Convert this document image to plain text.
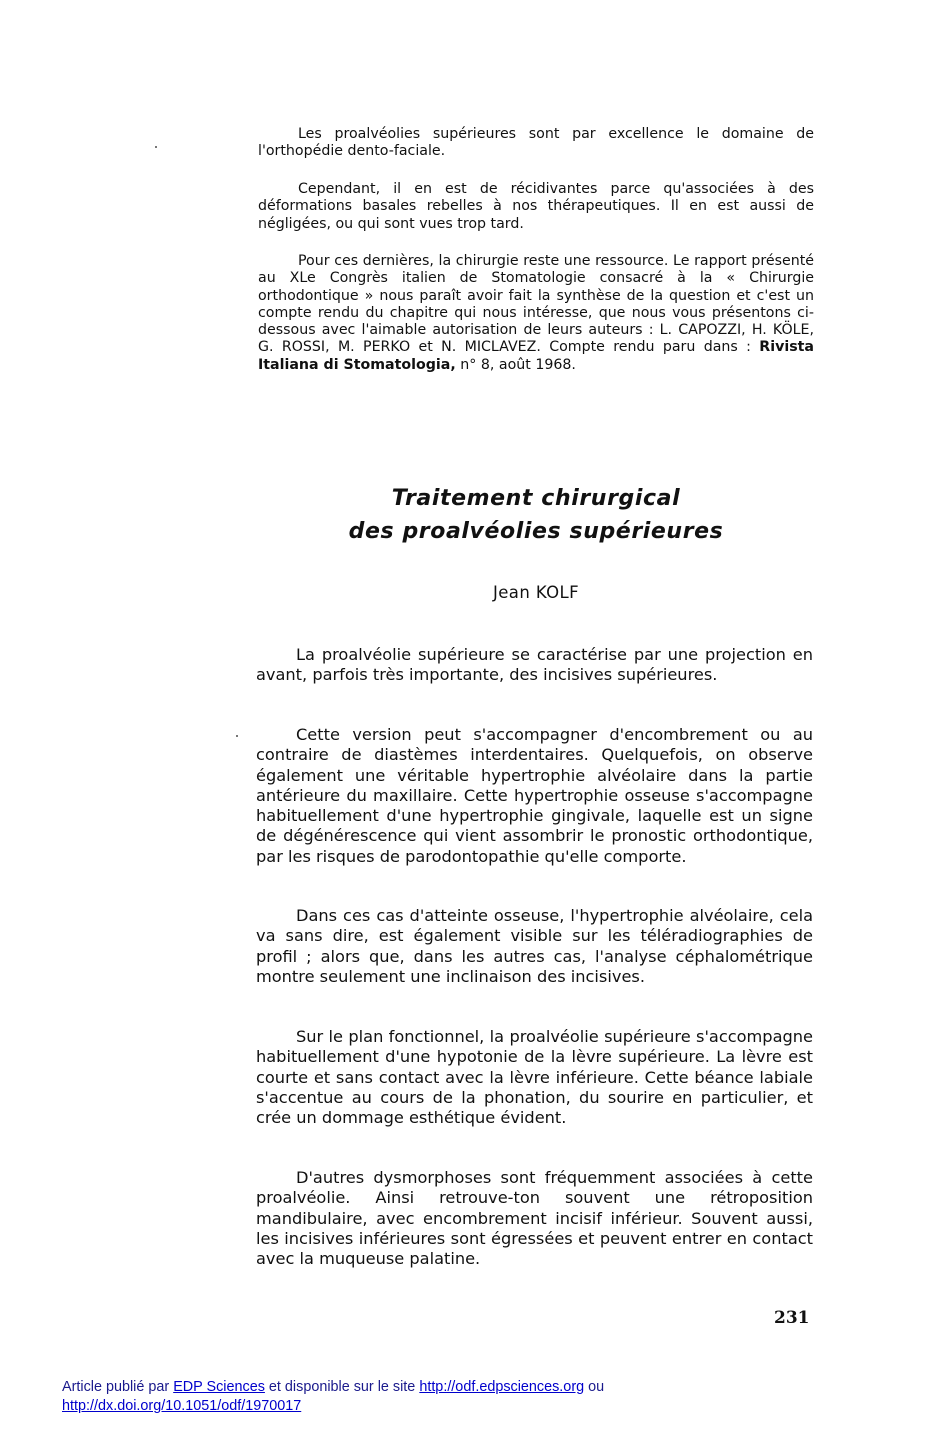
Les proalvéolies supérieures sont par excellence le domaine de l'orthopédie dento-faciale.

Cependant, il en est de récidivantes parce qu'associées à des déformations basales rebelles à nos thérapeutiques. Il en est aussi de négligées, ou qui sont vues trop tard.

Pour ces dernières, la chirurgie reste une ressource. Le rapport présenté au XLe Congrès italien de Stomatologie consacré à la « Chirurgie orthodontique » nous paraît avoir fait la synthèse de la question et c'est un compte rendu du chapitre qui nous intéresse, que nous vous présentons ci-dessous avec l'aimable autorisation de leurs auteurs : L. CAPOZZI, H. KÖLE, G. ROSSI, M. PERKO et N. MICLAVEZ. Compte rendu paru dans : Rivista Italiana di Stomatologia, n° 8, août 1968.

Traitement chirurgical

des proalvéolies supérieures

Jean KOLF

La proalvéolie supérieure se caractérise par une projection en avant, parfois très importante, des incisives supérieures.

Cette version peut s'accompagner d'encombrement ou au contraire de diastèmes interdentaires. Quelquefois, on observe également une véritable hypertrophie alvéolaire dans la partie antérieure du maxillaire. Cette hypertrophie osseuse s'accompagne habituellement d'une hypertrophie gingivale, laquelle est un signe de dégénérescence qui vient assombrir le pronostic orthodontique, par les risques de parodontopathie qu'elle comporte.

Dans ces cas d'atteinte osseuse, l'hypertrophie alvéolaire, cela va sans dire, est également visible sur les téléradiographies de profil ; alors que, dans les autres cas, l'analyse céphalométrique montre seulement une inclinaison des incisives.

Sur le plan fonctionnel, la proalvéolie supérieure s'accompagne habituellement d'une hypotonie de la lèvre supérieure. La lèvre est courte et sans contact avec la lèvre inférieure. Cette béance labiale s'accentue au cours de la phonation, du sourire en particulier, et crée un dommage esthétique évident.

D'autres dysmorphoses sont fréquemment associées à cette proalvéolie. Ainsi retrouve-ton souvent une rétroposition mandibulaire, avec encombrement incisif inférieur. Souvent aussi, les incisives inférieures sont égressées et peuvent entrer en contact avec la muqueuse palatine.

231

Article publié par EDP Sciences et disponible sur le site http://odf.edpsciences.org ou
http://dx.doi.org/10.1051/odf/1970017
